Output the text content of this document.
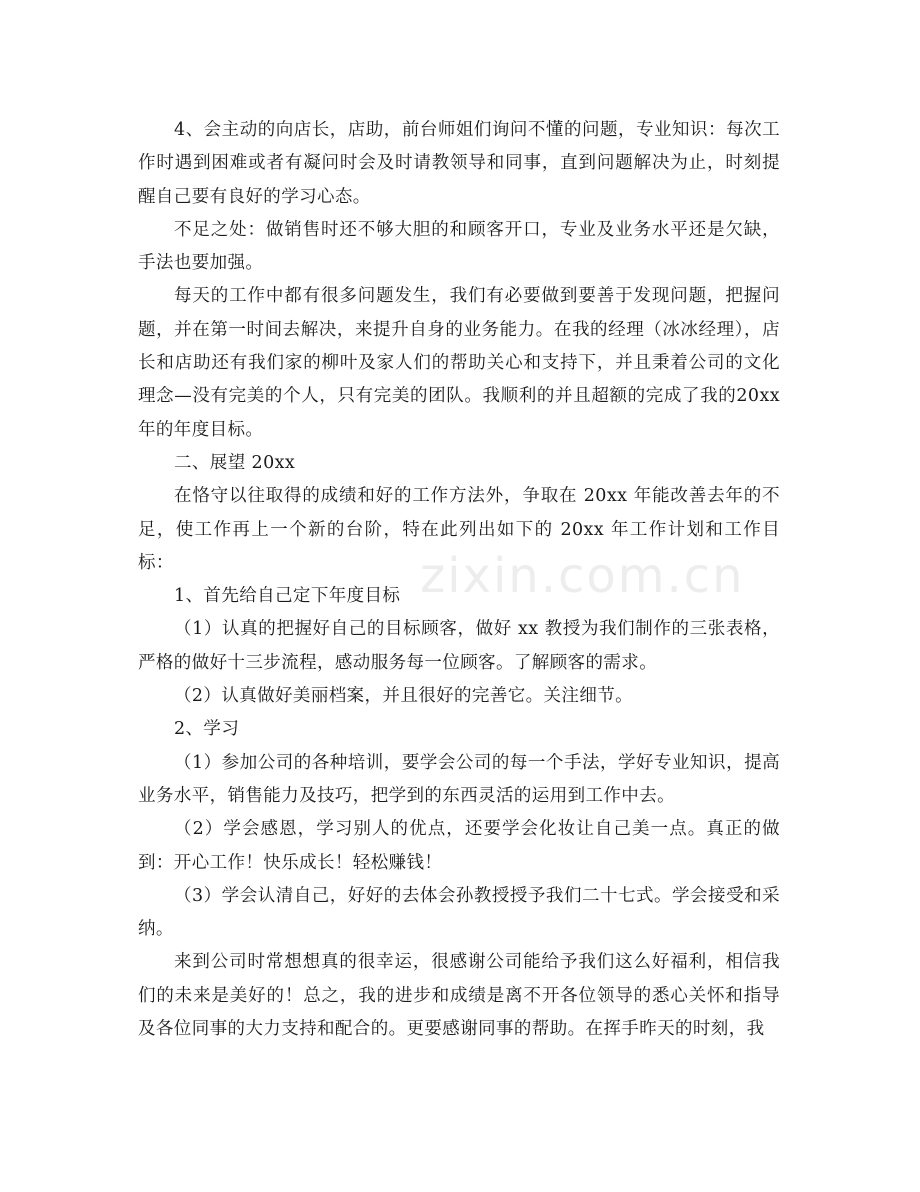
4、会主动的向店长，店助，前台师姐们询问不懂的问题，专业知识：每次工作时遇到困难或者有凝问时会及时请教领导和同事，直到问题解决为止，时刻提醒自己要有良好的学习心态。

不足之处：做销售时还不够大胆的和顾客开口，专业及业务水平还是欠缺，手法也要加强。

每天的工作中都有很多问题发生，我们有必要做到要善于发现问题，把握问题，并在第一时间去解决，来提升自身的业务能力。在我的经理（冰冰经理），店长和店助还有我们家的柳叶及家人们的帮助关心和支持下，并且秉着公司的文化理念—没有完美的个人，只有完美的团队。我顺利的并且超额的完成了我的20xx 年的年度目标。

二、展望 20xx

在恪守以往取得的成绩和好的工作方法外，争取在 20xx 年能改善去年的不足，使工作再上一个新的台阶，特在此列出如下的 20xx 年工作计划和工作目标：

1、首先给自己定下年度目标

（1）认真的把握好自己的目标顾客，做好 xx 教授为我们制作的三张表格，严格的做好十三步流程，感动服务每一位顾客。了解顾客的需求。

（2）认真做好美丽档案，并且很好的完善它。关注细节。

2、学习

（1）参加公司的各种培训，要学会公司的每一个手法，学好专业知识，提高业务水平，销售能力及技巧，把学到的东西灵活的运用到工作中去。

（2）学会感恩，学习别人的优点，还要学会化妆让自己美一点。真正的做到：开心工作！快乐成长！轻松赚钱！

（3）学会认清自己，好好的去体会孙教授授予我们二十七式。学会接受和采纳。

来到公司时常想想真的很幸运，很感谢公司能给予我们这么好福利，相信我们的未来是美好的！总之，我的进步和成绩是离不开各位领导的悉心关怀和指导及各位同事的大力支持和配合的。更要感谢同事的帮助。在挥手昨天的时刻，我

zixin.com.cn
